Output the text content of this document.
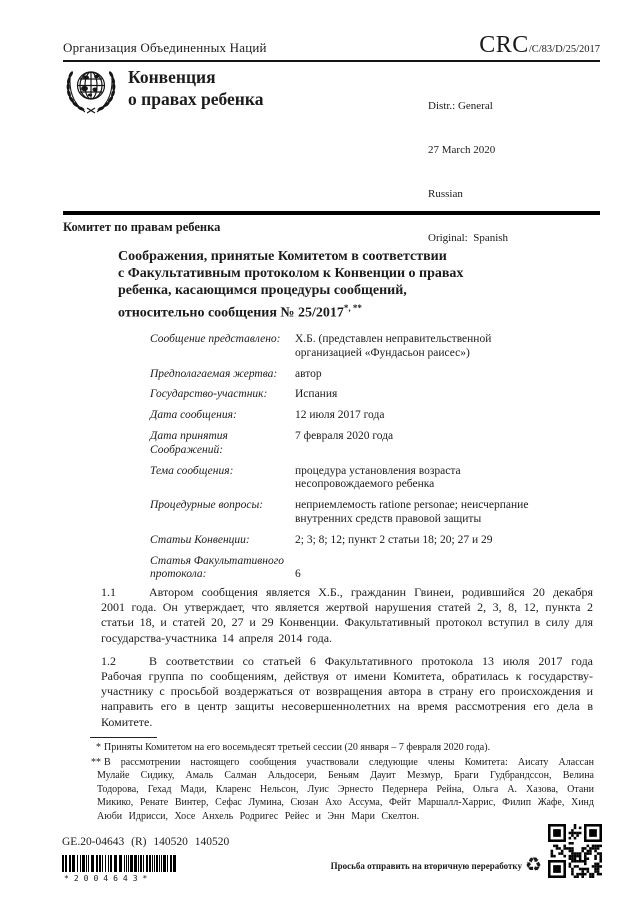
Организация Объединенных Наций	CRC /C/83/D/25/2017
Конвенция
о правах ребенка

	Distr.: General

27 March 2020

Russian

Original:  Spanish

Комитет по правам ребенка
Соображения, принятые Комитетом в соответствии
с Факультативным протоколом к Конвенции о правах
ребенка, касающимся процедуры сообщений,
относительно сообщения № 25/2017*, **
Сообщение представлено:	Х.Б. (представлен неправительственной организацией «Фундасьон раисес»)
Предполагаемая жертва:	автор
Государство-участник:	Испания
Дата сообщения:	12 июля 2017 года
Дата принятия Соображений:
7 февраля 2020 года
Тема сообщения:	процедура установления возраста несопровождаемого ребенка
Процедурные вопросы:	неприемлемость ratione personae; неисчерпание внутренних средств правовой защиты
Статьи Конвенции:	2; 3; 8; 12; пункт 2 статьи 18; 20; 27 и 29
Статья Факультативного протокола:	6

1.1	Автором сообщения является Х.Б., гражданин Гвинеи, родившийся 20 декабря 2001 года. Он утверждает, что является жертвой нарушения статей 2, 3, 8, 12, пункта 2 статьи 18, и статей 20, 27 и 29 Конвенции. Факультативный протокол вступил в силу для государства-участника 14 апреля 2014 года.

1.2	В соответствии со статьей 6 Факультативного протокола 13 июля 2017 года Рабочая группа по сообщениям, действуя от имени Комитета, обратилась к государству-участнику с просьбой воздержаться от возвращения автора в страну его происхождения и направить его в центр защиты несовершеннолетних на время рассмотрения его дела в Комитете.

* Приняты Комитетом на его восемьдесят третьей сессии (20 января – 7 февраля 2020 года).

** В рассмотрении настоящего сообщения участвовали следующие члены Комитета: Аисату Алассан Мулайе Сидику, Амаль Салман Альдосери, Беньям Дауит Мезмур, Браги Гудбрандссон, Велина Тодорова, Гехад Мади, Кларенс Нельсон, Луис Эрнесто Педернера Рейна, Ольга А. Хазова, Отани Микико, Ренате Винтер, Сефас Лумина, Сюзан Ахо Ассума, Фейт Маршалл-Харрис, Филип Жафе, Хинд Аюби Идрисси, Хосе Анхель Родригес Рейес и Энн Мари Скелтон.

GE.20-04643 (R) 140520 140520
*2004643*
Просьба отправить на вторичную переработку ♻
